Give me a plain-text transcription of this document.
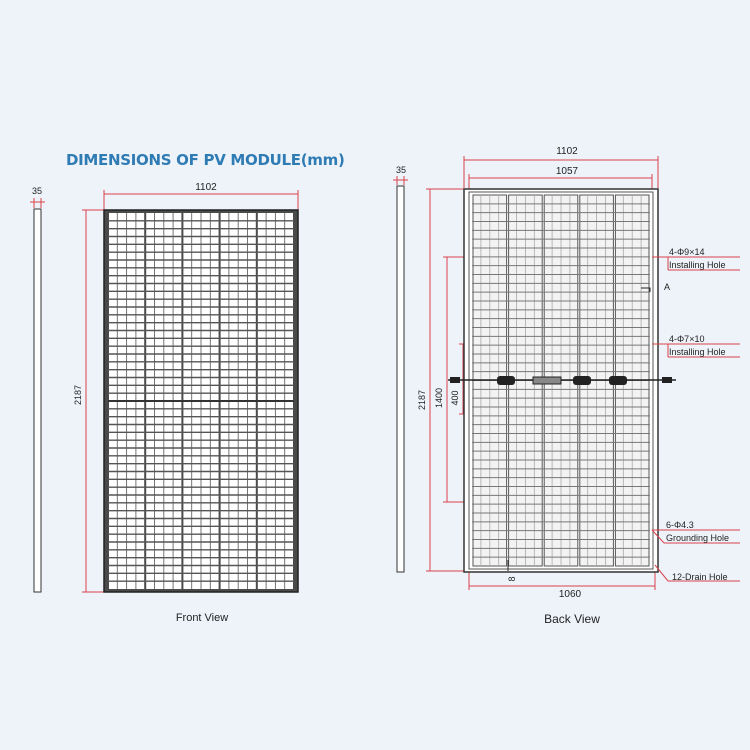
DIMENSIONS OF PV MODULE(mm)
35	1102
2187
Front View
35
1102
1057
2187 1400 400
1060
A
8
Back View
4-Φ9×14
Installing Hole
4-Φ7×10
Installing Hole
6-Φ4.3
Grounding Hole
12-Drain Hole
